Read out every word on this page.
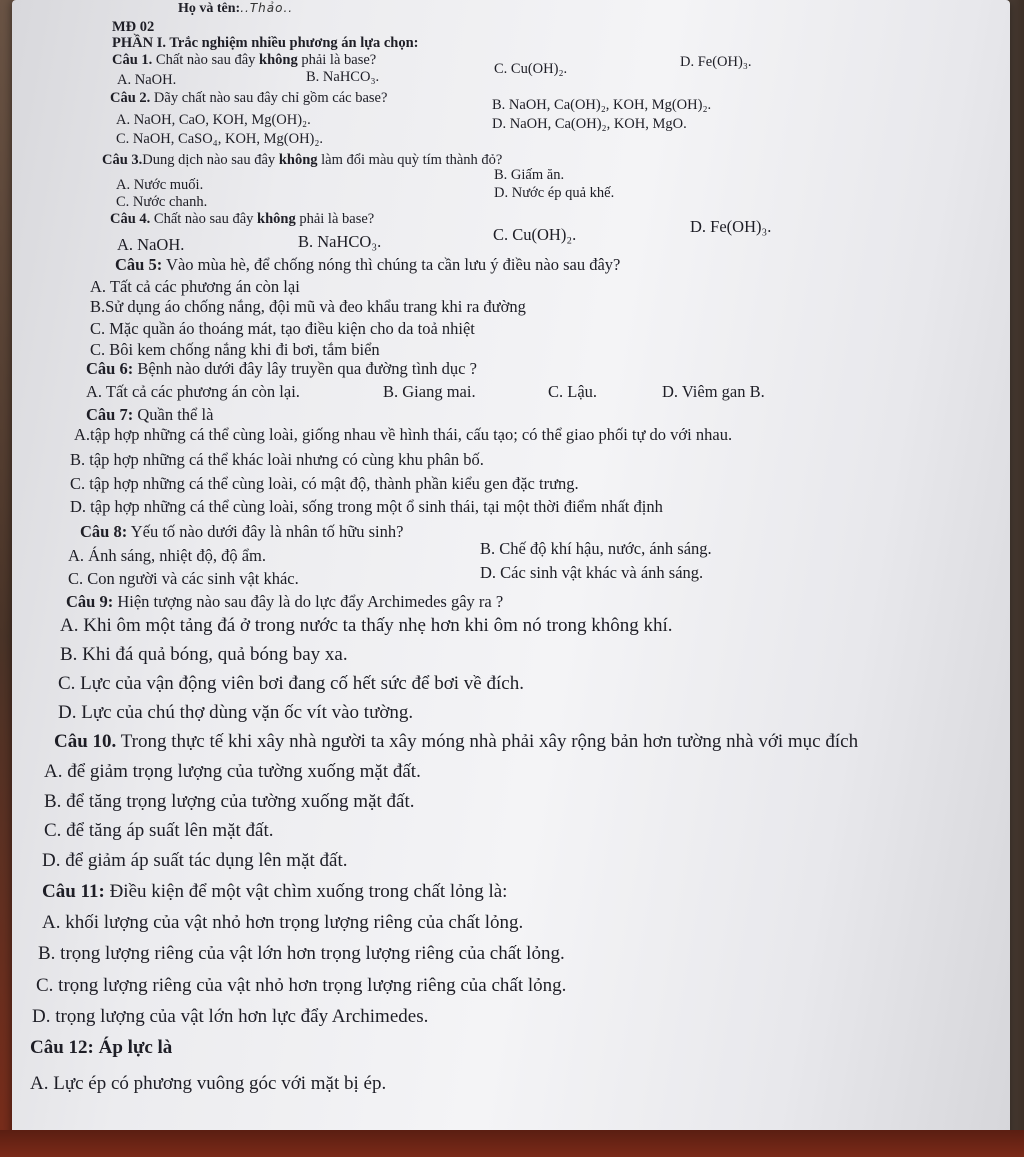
Họ và tên:..Thảo..
MĐ 02
PHẦN I. Trắc nghiệm nhiều phương án lựa chọn:
Câu 1. Chất nào sau đây không phải là base?
A. NaOH.	B. NaHCO₃.	C. Cu(OH)₂.	D. Fe(OH)₃.
Câu 2. Dãy chất nào sau đây chỉ gồm các base?
A. NaOH, CaO, KOH, Mg(OH)₂.
B. NaOH, Ca(OH)₂, KOH, Mg(OH)₂.
C. NaOH, CaSO₄, KOH, Mg(OH)₂.
D. NaOH, Ca(OH)₂, KOH, MgO.
Câu 3.Dung dịch nào sau đây không làm đổi màu quỳ tím thành đỏ?
A. Nước muối.
B. Giấm ăn.
C. Nước chanh.
D. Nước ép quả khế.
Câu 4. Chất nào sau đây không phải là base?
A. NaOH.	B. NaHCO₃.	C. Cu(OH)₂.	D. Fe(OH)₃.
Câu 5: Vào mùa hè, để chống nóng thì chúng ta cần lưu ý điều nào sau đây?
A. Tất cả các phương án còn lại
B.Sử dụng áo chống nắng, đội mũ và đeo khẩu trang khi ra đường
C. Mặc quần áo thoáng mát, tạo điều kiện cho da toả nhiệt
C. Bôi kem chống nắng khi đi bơi, tắm biển
Câu 6: Bệnh nào dưới đây lây truyền qua đường tình dục ?
A. Tất cả các phương án còn lại.	B. Giang mai.	C. Lậu.	D. Viêm gan B.
Câu 7: Quần thể là
A.tập hợp những cá thể cùng loài, giống nhau về hình thái, cấu tạo; có thể giao phối tự do với nhau.
B. tập hợp những cá thể khác loài nhưng có cùng khu phân bố.
C. tập hợp những cá thể cùng loài, có mật độ, thành phần kiểu gen đặc trưng.
D. tập hợp những cá thể cùng loài, sống trong một ổ sinh thái, tại một thời điểm nhất định
Câu 8: Yếu tố nào dưới đây là nhân tố hữu sinh?
A. Ánh sáng, nhiệt độ, độ ẩm.	B. Chế độ khí hậu, nước, ánh sáng.
C. Con người và các sinh vật khác.	D. Các sinh vật khác và ánh sáng.
Câu 9: Hiện tượng nào sau đây là do lực đẩy Archimedes gây ra ?
A. Khi ôm một tảng đá ở trong nước ta thấy nhẹ hơn khi ôm nó trong không khí.
B. Khi đá quả bóng, quả bóng bay xa.
C. Lực của vận động viên bơi đang cố hết sức để bơi về đích.
D. Lực của chú thợ dùng vặn ốc vít vào tường.
Câu 10. Trong thực tế khi xây nhà người ta xây móng nhà phải xây rộng bản hơn tường nhà với mục đích
A. để giảm trọng lượng của tường xuống mặt đất.
B. để tăng trọng lượng của tường xuống mặt đất.
C. để tăng áp suất lên mặt đất.
D. để giảm áp suất tác dụng lên mặt đất.
Câu 11: Điều kiện để một vật chìm xuống trong chất lỏng là:
A. khối lượng của vật nhỏ hơn trọng lượng riêng của chất lỏng.
B. trọng lượng riêng của vật lớn hơn trọng lượng riêng của chất lỏng.
C. trọng lượng riêng của vật nhỏ hơn trọng lượng riêng của chất lỏng.
D. trọng lượng của vật lớn hơn lực đẩy Archimedes.
Câu 12: Áp lực là
A. Lực ép có phương vuông góc với mặt bị ép.
